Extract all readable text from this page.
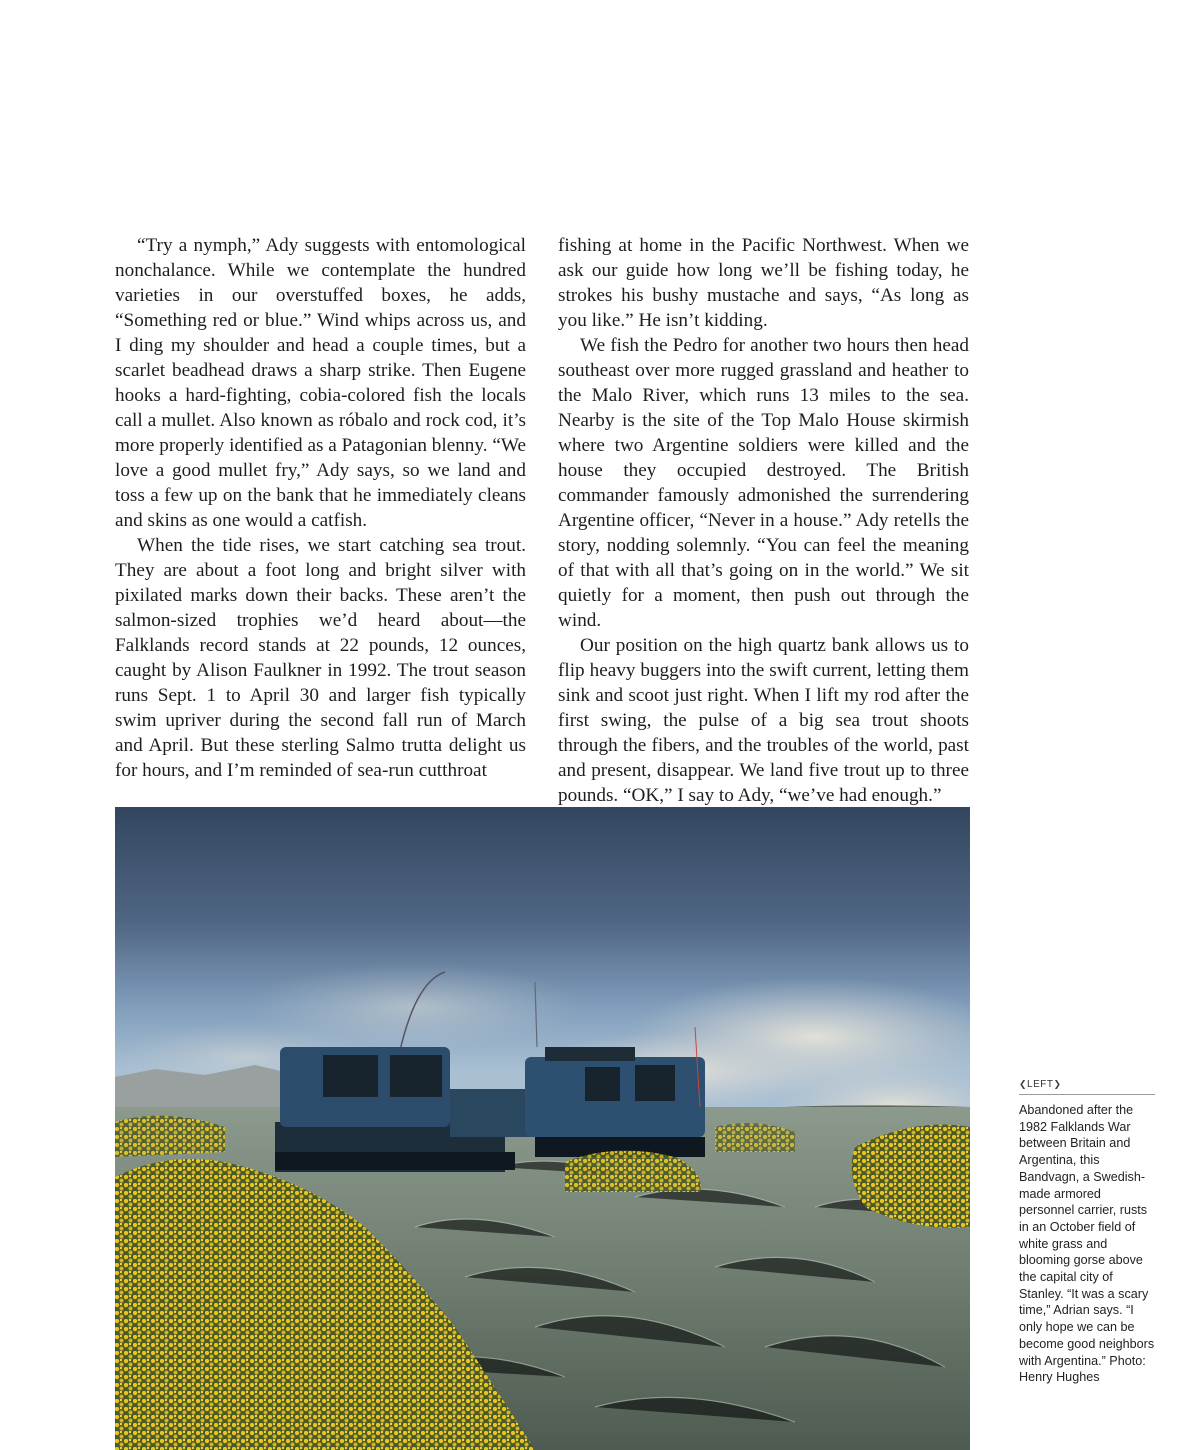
“Try a nymph,” Ady suggests with entomological nonchalance. While we contemplate the hundred varieties in our overstuffed boxes, he adds, “Something red or blue.” Wind whips across us, and I ding my shoulder and head a couple times, but a scarlet beadhead draws a sharp strike. Then Eugene hooks a hard-fighting, cobia-colored fish the locals call a mullet. Also known as róbalo and rock cod, it’s more properly identified as a Patagonian blenny. “We love a good mullet fry,” Ady says, so we land and toss a few up on the bank that he immediately cleans and skins as one would a catfish.

When the tide rises, we start catching sea trout. They are about a foot long and bright silver with pixilated marks down their backs. These aren’t the salmon-sized trophies we’d heard about—the Falklands record stands at 22 pounds, 12 ounces, caught by Alison Faulkner in 1992. The trout season runs Sept. 1 to April 30 and larger fish typically swim upriver during the second fall run of March and April. But these sterling Salmo trutta delight us for hours, and I’m reminded of sea-run cutthroat

fishing at home in the Pacific Northwest. When we ask our guide how long we’ll be fishing today, he strokes his bushy mustache and says, “As long as you like.” He isn’t kidding.

We fish the Pedro for another two hours then head southeast over more rugged grassland and heather to the Malo River, which runs 13 miles to the sea. Nearby is the site of the Top Malo House skirmish where two Argentine soldiers were killed and the house they occupied destroyed. The British commander famously admonished the surrendering Argentine officer, “Never in a house.” Ady retells the story, nodding solemnly. “You can feel the meaning of that with all that’s going on in the world.” We sit quietly for a moment, then push out through the wind.

Our position on the high quartz bank allows us to flip heavy buggers into the swift current, letting them sink and scoot just right. When I lift my rod after the first swing, the pulse of a big sea trout shoots through the fibers, and the troubles of the world, past and present, disappear. We land five trout up to three pounds. “OK,” I say to Ady, “we’ve had enough.”

❮LEFT❯

Abandoned after the 1982 Falklands War between Britain and Argentina, this Bandvagn, a Swedish-made armored personnel carrier, rusts in an October field of white grass and blooming gorse above the capital city of Stanley. “It was a scary time,” Adrian says. “I only hope we can be become good neighbors with Argentina.” Photo: Henry Hughes
